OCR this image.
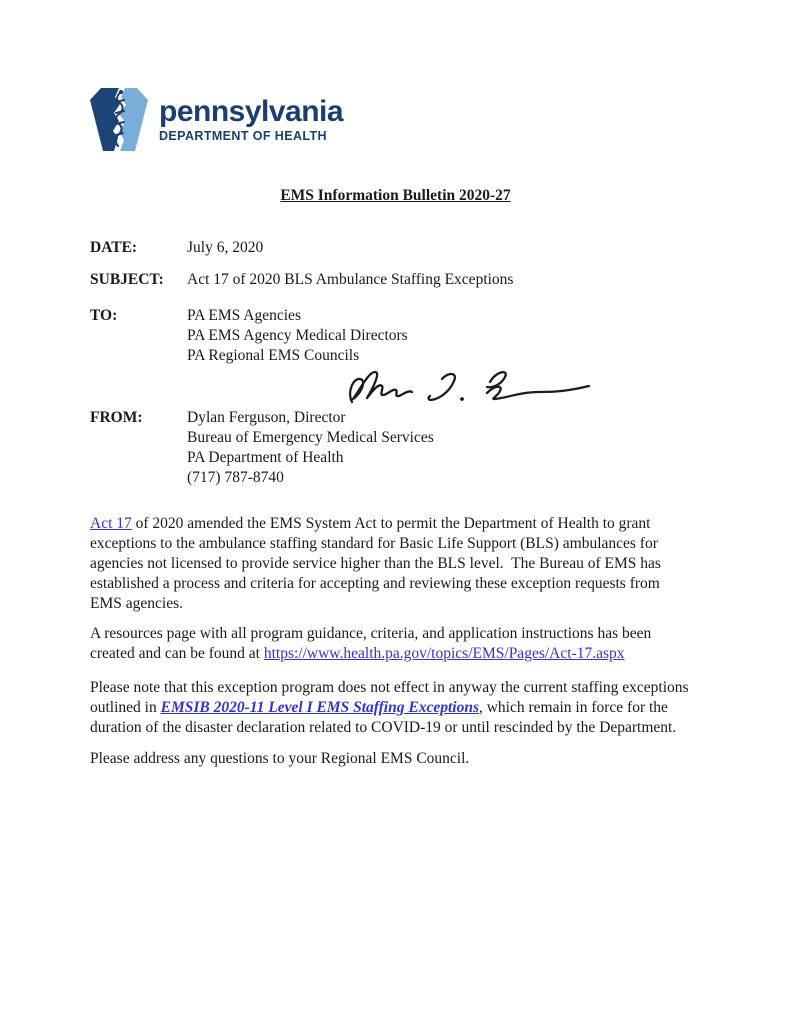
pennsylvania
DEPARTMENT OF HEALTH
EMS Information Bulletin 2020-27
DATE:	July 6, 2020
SUBJECT:	Act 17 of 2020 BLS Ambulance Staffing Exceptions
TO:	PA EMS Agencies
PA EMS Agency Medical Directors
PA Regional EMS Councils
FROM:	Dylan Ferguson, Director
Bureau of Emergency Medical Services
PA Department of Health
(717) 787-8740

Act 17 of 2020 amended the EMS System Act to permit the Department of Health to grant
exceptions to the ambulance staffing standard for Basic Life Support (BLS) ambulances for
agencies not licensed to provide service higher than the BLS level.  The Bureau of EMS has
established a process and criteria for accepting and reviewing these exception requests from
EMS agencies.

A resources page with all program guidance, criteria, and application instructions has been
created and can be found at https://www.health.pa.gov/topics/EMS/Pages/Act-17.aspx

Please note that this exception program does not effect in anyway the current staffing exceptions
outlined in EMSIB 2020-11 Level I EMS Staffing Exceptions, which remain in force for the
duration of the disaster declaration related to COVID-19 or until rescinded by the Department.

Please address any questions to your Regional EMS Council.
